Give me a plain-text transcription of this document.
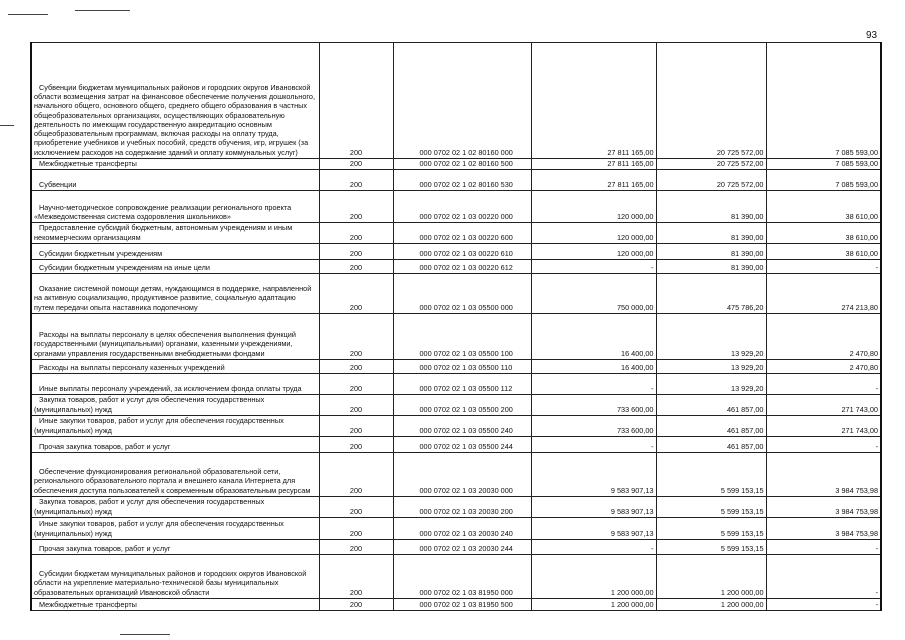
93
Субвенции бюджетам муниципальных районов и городских округов Ивановской области возмещения затрат на финансовое обеспечение получения дошкольного, начального общего, основного общего, среднего общего образования в частных общеобразовательных организациях, осуществляющих образовательную деятельность по имеющим государственную аккредитацию основным общеобразовательным программам, включая расходы на оплату труда, приобретение учебников и учебных пособий, средств обучения, игр, игрушек (за исключением расходов на содержание зданий и оплату коммунальных услуг)	200	000 0702 02 1 02 80160 000	27 811 165,00	20 725 572,00	7 085 593,00
Межбюджетные трансферты	200	000 0702 02 1 02 80160 500	27 811 165,00	20 725 572,00	7 085 593,00
Субвенции	200	000 0702 02 1 02 80160 530	27 811 165,00	20 725 572,00	7 085 593,00
Научно-методическое сопровождение реализации регионального проекта «Межведомственная система оздоровления школьников»	200	000 0702 02 1 03 00220 000	120 000,00	81 390,00	38 610,00
Предоставление субсидий бюджетным, автономным учреждениям и иным некоммерческим организациям	200	000 0702 02 1 03 00220 600	120 000,00	81 390,00	38 610,00
Субсидии бюджетным учреждениям	200	000 0702 02 1 03 00220 610	120 000,00	81 390,00	38 610,00
Субсидии бюджетным учреждениям на иные цели	200	000 0702 02 1 03 00220 612	-	81 390,00	-
Оказание системной помощи детям, нуждающимся в поддержке, направленной на активную социализацию, продуктивное развитие, социальную адаптацию путем передачи опыта наставника подопечному	200	000 0702 02 1 03 05500 000	750 000,00	475 786,20	274 213,80
Расходы на выплаты персоналу в целях обеспечения выполнения функций государственными (муниципальными) органами, казенными учреждениями, органами управления государственными внебюджетными фондами	200	000 0702 02 1 03 05500 100	16 400,00	13 929,20	2 470,80
Расходы на выплаты персоналу казенных учреждений	200	000 0702 02 1 03 05500 110	16 400,00	13 929,20	2 470,80
Иные выплаты персоналу учреждений, за исключением фонда оплаты труда	200	000 0702 02 1 03 05500 112	-	13 929,20	-
Закупка товаров, работ и услуг для обеспечения государственных (муниципальных) нужд	200	000 0702 02 1 03 05500 200	733 600,00	461 857,00	271 743,00
Иные закупки товаров, работ и услуг для обеспечения государственных (муниципальных) нужд	200	000 0702 02 1 03 05500 240	733 600,00	461 857,00	271 743,00
Прочая закупка товаров, работ и услуг	200	000 0702 02 1 03 05500 244	-	461 857,00	-
Обеспечение функционирования региональной образовательной сети, регионального образовательного портала и внешнего канала Интернета для обеспечения доступа пользователей к современным образовательным ресурсам	200	000 0702 02 1 03 20030 000	9 583 907,13	5 599 153,15	3 984 753,98
Закупка товаров, работ и услуг для обеспечения государственных (муниципальных) нужд	200	000 0702 02 1 03 20030 200	9 583 907,13	5 599 153,15	3 984 753,98
Иные закупки товаров, работ и услуг для обеспечения государственных (муниципальных) нужд	200	000 0702 02 1 03 20030 240	9 583 907,13	5 599 153,15	3 984 753,98
Прочая закупка товаров, работ и услуг	200	000 0702 02 1 03 20030 244	-	5 599 153,15	-
Субсидии бюджетам муниципальных районов и городских округов Ивановской области на укрепление материально-технической базы муниципальных образовательных организаций Ивановской области	200	000 0702 02 1 03 81950 000	1 200 000,00	1 200 000,00	-
Межбюджетные трансферты	200	000 0702 02 1 03 81950 500	1 200 000,00	1 200 000,00	-
